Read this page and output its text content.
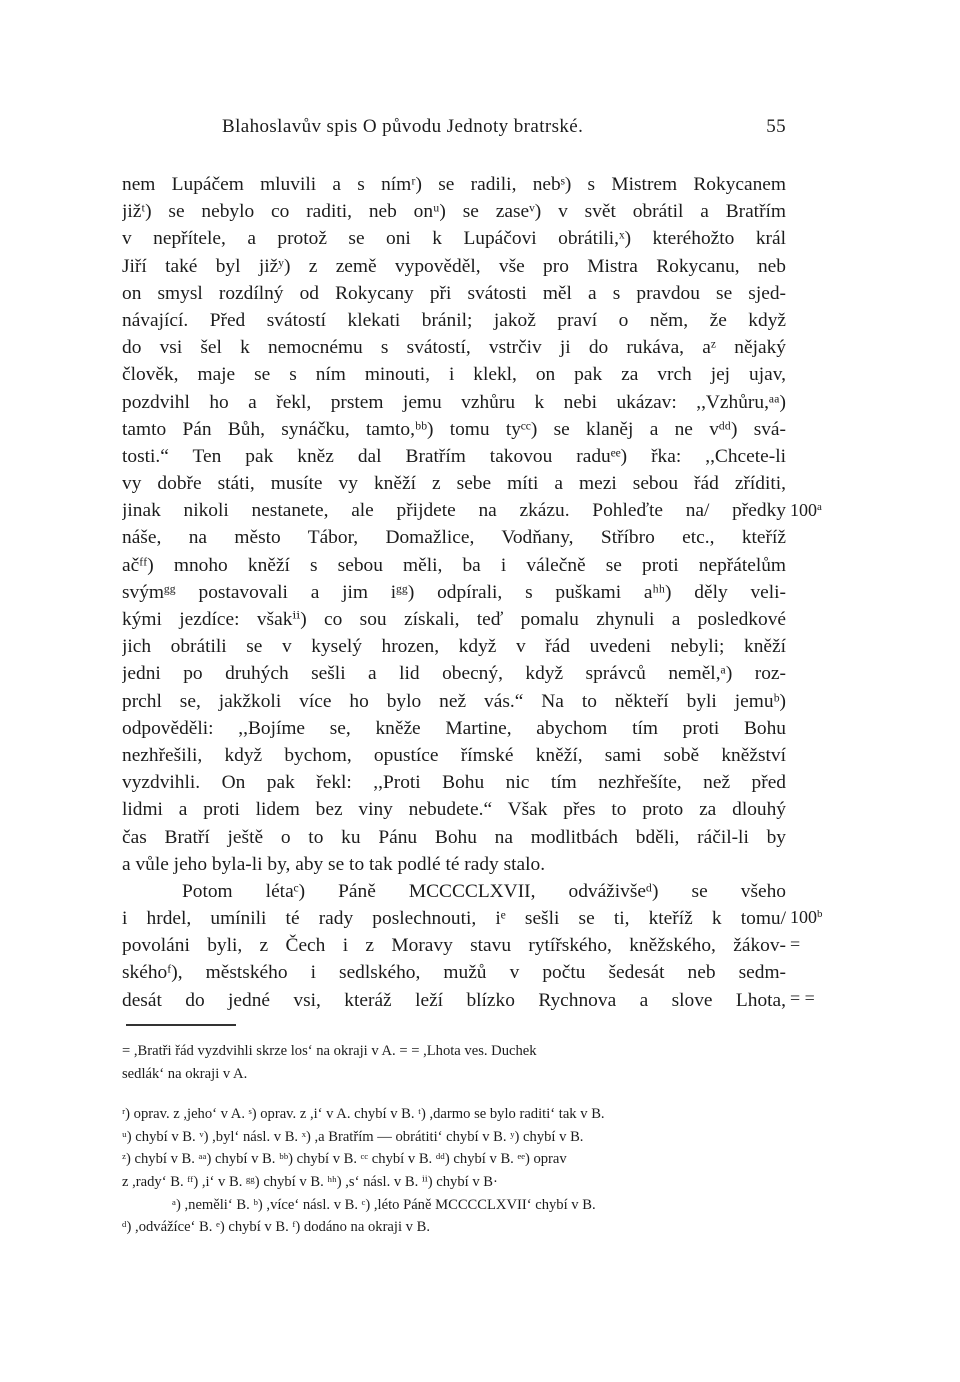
Blahoslavův spis O původu Jednoty bratrské.	55
nem Lupáčem mluvili a s nímʳ) se radili, nebˢ) s Mistrem Rokycanem
jižᵗ) se nebylo co raditi, neb onᵘ) se zaseᵛ) v svět obrátil a Bratřím
v nepřítele, a protož se oni k Lupáčovi obrátili,ˣ) kteréhožto král
Jiří také byl jižʸ) z země vypověděl, vše pro Mistra Rokycanu, neb
on smysl rozdílný od Rokycany při svátosti měl a s pravdou se sjed-
návající. Před svátostí klekati bránil; jakož praví o něm, že když
do vsi šel k nemocnému s svátostí, vstrčiv ji do rukáva, aᶻ nějaký
člověk, maje se s ním minouti, i klekl, on pak za vrch jej ujav,
pozdvihl ho a řekl, prstem jemu vzhůru k nebi ukázav: ,,Vzhůru,ᵃᵃ)
tamto Pán Bůh, synáčku, tamto,ᵇᵇ) tomu tyᶜᶜ) se klaněj a ne vᵈᵈ) svá-
tosti.“ Ten pak kněz dal Bratřím takovou raduᵉᵉ) řka: ,,Chcete-li
vy dobře státi, musíte vy kněží z sebe míti a mezi sebou řád zříditi,
jinak nikoli nestanete, ale přijdete na zkázu. Pohleďte na/ předky
náše, na město Tábor, Domažlice, Vodňany, Stříbro etc., kteříž
ačᶠᶠ) mnoho kněží s sebou měli, ba i válečně se proti nepřátelům
svýmᵍᵍ postavovali a jim iᵍᵍ) odpírali, s puškami aʰʰ) děly veli-
kými jezdíce: všakⁱⁱ) co sou získali, teď pomalu zhynuli a posledkové
jich obrátili se v kyselý hrozen, když v řád uvedeni nebyli; kněží
jedni po druhých sešli a lid obecný, když správců neměl,ᵃ) roz-
prchl se, jakžkoli více ho bylo než vás.“ Na to někteří byli jemuᵇ)
odpověděli: ,,Bojíme se, kněže Martine, abychom tím proti Bohu
nezhřešili, když bychom, opustíce římské kněží, sami sobě kněžství
vyzdvihli. On pak řekl: ,,Proti Bohu nic tím nezhřešíte, než před
lidmi a proti lidem bez viny nebudete.“ Však přes to proto za dlouhý
čas Bratří ještě o to ku Pánu Bohu na modlitbách bděli, ráčil-li by
a vůle jeho byla-li by, aby se to tak podlé té rady stalo.
Potom létaᶜ) Páně MCCCCLXVII, odváživšeᵈ) se všeho
i hrdel, umínili té rady poslechnouti, iᵉ sešli se ti, kteříž k tomu/
povoláni byli, z Čech i z Moravy stavu rytířského, kněžského, žákov-
skéhoᶠ), městského i sedlského, mužů v počtu šedesát neb sedm-
desát do jedné vsi, kteráž leží blízko Rychnova a slove Lhota,
100$^a$
$100^b$
=
= =
= ,Bratři řád vyzdvihli skrze los‘ na okraji v A. = = ,Lhota ves. Duchek
sedlák‘ na okraji v A.
ʳ) oprav. z ,jeho‘ v A. ˢ) oprav. z ,i‘ v A. chybí v B. ᵗ) ,darmo se bylo raditi‘ tak v B.
ᵘ) chybí v B. ᵛ) ,byl‘ násl. v B. ˣ) ,a Bratřím — obrátiti‘ chybí v B. ʸ) chybí v B.
ᶻ) chybí v B. ᵃᵃ) chybí v B. ᵇᵇ) chybí v B. ᶜᶜ chybí v B. ᵈᵈ) chybí v B. ᵉᵉ) oprav
z ,rady‘ B. ᶠᶠ) ,i‘ v B. ᵍᵍ) chybí v B. ʰʰ) ,s‘ násl. v B. ⁱⁱ) chybí v B·
ᵃ) ,neměli‘ B. ᵇ) ,více‘ násl. v B. ᶜ) ,léto Páně MCCCCLXVII‘ chybí v B.
ᵈ) ,odvážíce‘ B. ᵉ) chybí v B. ᶠ) dodáno na okraji v B.
